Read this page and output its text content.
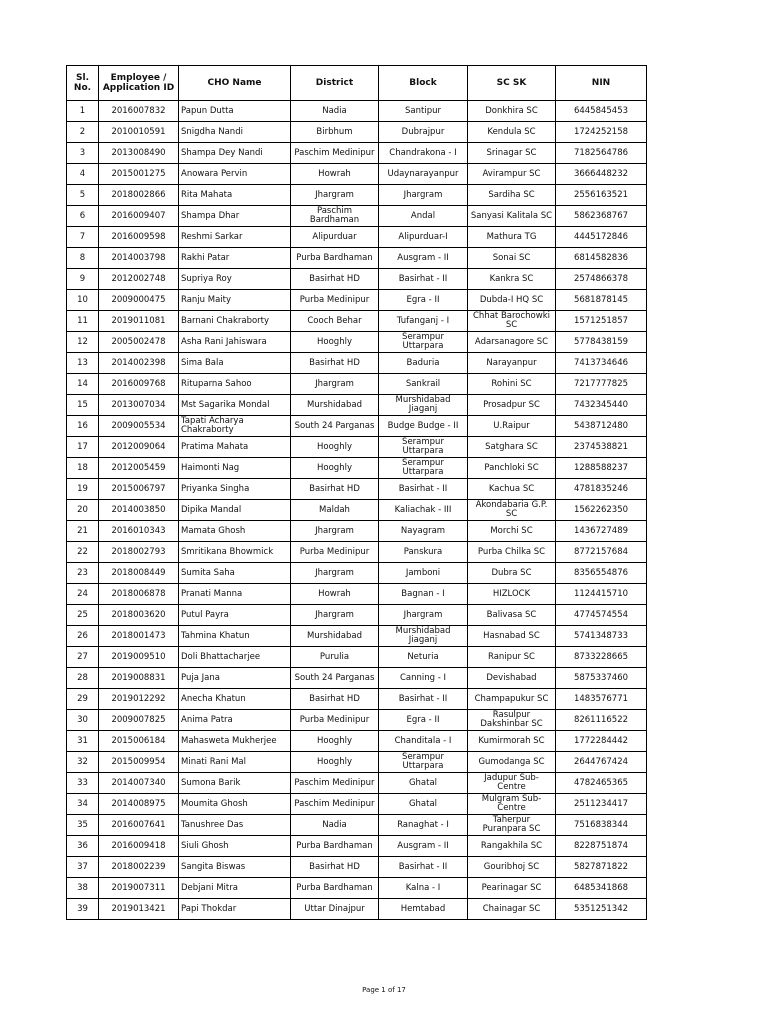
Sl. No.	Employee / Application ID	CHO Name	District	Block	SC SK	NIN
1	2016007832	Papun Dutta	Nadia	Santipur	Donkhira SC	6445845453
2	2010010591	Snigdha Nandi	Birbhum	Dubrajpur	Kendula SC	1724252158
3	2013008490	Shampa Dey Nandi	Paschim Medinipur	Chandrakona - I	Srinagar SC	7182564786
4	2015001275	Anowara Pervin	Howrah	Udaynarayanpur	Avirampur SC	3666448232
5	2018002866	Rita Mahata	Jhargram	Jhargram	Sardiha SC	2556163521
6	2016009407	Shampa Dhar	Paschim Bardhaman	Andal	Sanyasi Kalitala SC	5862368767
7	2016009598	Reshmi Sarkar	Alipurduar	Alipurduar-I	Mathura TG	4445172846
8	2014003798	Rakhi Patar	Purba Bardhaman	Ausgram - II	Sonai SC	6814582836
9	2012002748	Supriya Roy	Basirhat HD	Basirhat - II	Kankra SC	2574866378
10	2009000475	Ranju Maity	Purba Medinipur	Egra - II	Dubda-I HQ SC	5681878145
11	2019011081	Barnani Chakraborty	Cooch Behar	Tufanganj - I	Chhat Barochowki SC	1571251857
12	2005002478	Asha Rani Jahiswara	Hooghly	Serampur Uttarpara	Adarsanagore SC	5778438159
13	2014002398	Sima Bala	Basirhat HD	Baduria	Narayanpur	7413734646
14	2016009768	Rituparna Sahoo	Jhargram	Sankrail	Rohini SC	7217777825
15	2013007034	Mst Sagarika Mondal	Murshidabad	Murshidabad Jiaganj	Prosadpur SC	7432345440
16	2009005534	Tapati Acharya Chakraborty	South 24 Parganas	Budge Budge - II	U.Raipur	5438712480
17	2012009064	Pratima Mahata	Hooghly	Serampur Uttarpara	Satghara SC	2374538821
18	2012005459	Haimonti Nag	Hooghly	Serampur Uttarpara	Panchloki SC	1288588237
19	2015006797	Priyanka Singha	Basirhat HD	Basirhat - II	Kachua SC	4781835246
20	2014003850	Dipika Mandal	Maldah	Kaliachak - III	Akondabaria G.P. SC	1562262350
21	2016010343	Mamata Ghosh	Jhargram	Nayagram	Morchi SC	1436727489
22	2018002793	Smritikana Bhowmick	Purba Medinipur	Panskura	Purba Chilka SC	8772157684
23	2018008449	Sumita Saha	Jhargram	Jamboni	Dubra SC	8356554876
24	2018006878	Pranati Manna	Howrah	Bagnan - I	HIZLOCK	1124415710
25	2018003620	Putul Payra	Jhargram	Jhargram	Balivasa SC	4774574554
26	2018001473	Tahmina Khatun	Murshidabad	Murshidabad Jiaganj	Hasnabad SC	5741348733
27	2019009510	Doli Bhattacharjee	Purulia	Neturia	Ranipur SC	8733228665
28	2019008831	Puja Jana	South 24 Parganas	Canning - I	Devishabad	5875337460
29	2019012292	Anecha Khatun	Basirhat HD	Basirhat - II	Champapukur SC	1483576771
30	2009007825	Anima Patra	Purba Medinipur	Egra - II	Rasulpur Dakshinbar SC	8261116522
31	2015006184	Mahasweta Mukherjee	Hooghly	Chanditala - I	Kumirmorah SC	1772284442
32	2015009954	Minati Rani Mal	Hooghly	Serampur Uttarpara	Gumodanga SC	2644767424
33	2014007340	Sumona Barik	Paschim Medinipur	Ghatal	Jadupur Sub-Centre	4782465365
34	2014008975	Moumita Ghosh	Paschim Medinipur	Ghatal	Mulgram Sub-Centre	2511234417
35	2016007641	Tanushree Das	Nadia	Ranaghat - I	Taherpur Puranpara SC	7516838344
36	2016009418	Siuli Ghosh	Purba Bardhaman	Ausgram - II	Rangakhila SC	8228751874
37	2018002239	Sangita Biswas	Basirhat HD	Basirhat - II	Gouribhoj SC	5827871822
38	2019007311	Debjani Mitra	Purba Bardhaman	Kalna - I	Pearinagar SC	6485341868
39	2019013421	Papi Thokdar	Uttar Dinajpur	Hemtabad	Chainagar SC	5351251342
Page 1 of 17
